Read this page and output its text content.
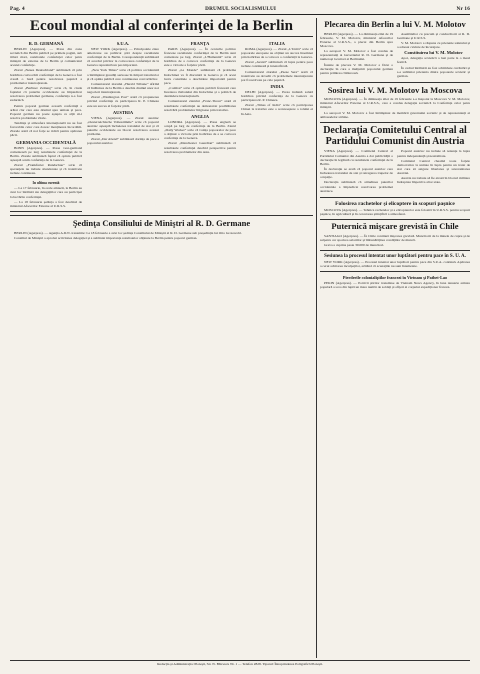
Pag. 4	DRUMUL SOCIALISMULUI	Nr 16
Ecoul mondial al conferinţei de la Berlin
R. D. GERMANĂ

BERLIN (Agerpres). — Presa din zona sovietică din Berlin publică pe primele pagini, sub titluri mari, rezultatele conferinţei celor patru miniştri de externe de la Berlin şi comunicatul acestei conferinţe.

Ziarul „Neues Deutschland” subliniază că prin hotărîrea convocării conferinţei de la Geneva a fost creată o bază pentru rezolvarea paşnică a problemelor internaţionale.

Ziarul „Berliner Zeitung” scrie că, în ciuda faptului că puterile occidentale au împiedicat rezolvarea problemei germane, conferinţa n-a fost zadarnică.

Pentru poporul german această conferinţă a arătat clar care este drumul spre unitate şi pace. Poporul german nu poate aştepta ca alţii să-i rezolve problemele vitale.

Tendinţa şi atmosfera internaţională nu au fost favorabile celor care doresc menţinerea încordării. Ziarele arată că noi forţe se ridică pentru apărarea păcii.

GERMANIA OCCIDENTALĂ

BONN (Agerpres). — Presa vest-germană comentează pe larg rezultatele conferinţei de la Berlin. Ziarele subliniază faptul că opinia publică aşteaptă acum conferinţa de la Geneva.

Ziarul „Frankfurter Rundschau” scrie că speranţele nu trebuie abandonate şi că tratativele trebuie continuate.

In ultima curentă

— La 17 februarie, în orele amiezii, la Berlin au avut loc întâlniri ale delegaţiilor care au participat la lucrările conferinţei.

— La 18 februarie şedinţa a fost deschisă de ministrul Afacerilor Externe al U.R.S.S.

S.U.A.

NEW YORK (Agerpres). — Principalele ziare americane au publicat ştiri despre rezultatele conferinţei de la Berlin. Corespondenţii subliniază că acordul privitor la convocarea conferinţei de la Geneva reprezintă un pas important.

„New York Times” scrie că politica occidentală a întâmpinat greutăţi serioase în timpul tratativelor şi că opinia publică cere continuarea convorbirilor.

Comentatorul ziarului „Herald Tribune” afirmă că întâlnirea de la Berlin a deschis drumul unor noi negocieri internaţionale.

Ziarul „Washington Post” arată că propunerea privind conferinţa cu participarea R. P. Chineze este un succes al forţelor păcii.

AUSTRIA

VIENA (Agerpres). — Ziarul austriac „Oesterreichische Volksstimme” scrie că poporul austriac aşteaptă încheierea tratatului de stat şi că puterile occidentale au blocat rezolvarea acestei probleme.

Ziarul „Der Abend” subliniază dorinţa de pace a poporului austriac.

FRANŢA

PARIS (Agerpres). — În cercurile politice franceze rezultatele conferinţei de la Berlin sunt comentate pe larg. Ziarul „L'Humanité” scrie că hotărîrea de a convoca conferinţa de la Geneva este o victorie a forţelor păcii.

Ziarul „Le Monde” subliniază că problema Indochinei va fi discutată la Geneva şi că acest lucru constituie o deschidere importantă pentru pace.

„Combat” scrie că opinia publică franceză cere încetarea războiului din Indochina şi o politică de destindere internaţională.

Comentatorul ziarului „Franc-Tireur” arată că rezultatele conferinţei au demonstrat posibilitatea rezolvării problemelor litigioase prin tratative.

ANGLIA

LONDRA (Agerpres). — Presa engleză se ocupă pe larg de conferinţa de la Berlin. Ziarul „Daily Worker” scrie că voinţa popoarelor de pace a obţinut o victorie prin hotărîrea de a se convoca conferinţa de la Geneva.

Ziarul „Manchester Guardian” subliniază că rezultatele conferinţei deschid perspective pentru rezolvarea problemelor din Asia.

ITALIA

ROMA (Agerpres). — Ziarul „L'Unità” scrie că popoarele europene au obţinut un succes însemnat prin hotărîrea de a convoca o conferinţă la Geneva.

Ziarul „Avanti” subliniază că lupta pentru pace trebuie continuată şi intensificată.

Comentatorul ziarului „Paese Sera” arată că tratativele au dovedit că problemele internaţionale pot fi rezolvate pe cale paşnică.

INDIA

DELHI (Agerpres). — Presa indiană salută hotărîrea privind conferinţa de la Geneva cu participarea R. P. Chineze.

Ziarul „Times of India” scrie că participarea Chinei la tratative este o recunoaştere a rolului ei în Asia.

Şedinţa Consiliului de Miniştri al R. D. Germane

BERLIN (Agerpres). — Agenţia A.D.N. transmite: La 18 februarie a avut loc şedinţa Consiliului de Miniştri al R. D. Germane sub preşedinţia lui Otto Grotewohl.

Consiliul de Miniştri a aprobat activitatea delegaţiei şi a subliniat importanţa rezultatelor obţinute la Berlin pentru poporul german.

Plecarea din Berlin a lui V. M. Molotov

BERLIN (Agerpres). — La dimineaţa zilei de 19 februarie, V. M. Molotov, ministrul Afacerilor Externe al U.R.S.S., a plecat din Berlin spre Moscova.

La aeroport V. M. Molotov a fost condus de reprezentanţi ai Guvernului R. D. Germane şi de numeroşi locuitori ai Berlinului.

Înainte de plecare V. M. Molotov a făcut o declaraţie în care a mulţumit poporului german pentru primirea călduroasă.

Asemănător cu precum şi conducătorii ai R. D. Germane şi U.R.S.S.

V. M. Molotov a răspuns cu prietenie salutului şi a adresat cuvinte de încurajare.

Constituirea lui V. M. Molotov

Apoi, delegaţia sovietică a luat parte la o masă festivă.

În cadrul întâlnirii au fost schimbate cuvântări şi s-a subliniat prietenia dintre popoarele sovietic şi german.

Sosirea lui V. M. Molotov la Moscova

MOSCOVA (Agerpres). — În dimineaţa zilei de 19 februarie s-a înapoiat la Moscova V. M. Molotov, ministrul Afacerilor Externe al U.R.S.S., care a condus delegaţia sovietică la Conferinţa celor patru miniştri.

La aeroport V. M. Molotov a fost întâmpinat de membrii guvernului sovietic şi de reprezentanţi ai ambasadelor străine.

Declaraţia Comitetului Central al Partidului Comunist din Austria

VIENA (Agerpres). — Comitetul Central al Partidului Comunist din Austria a dat publicităţii o declaraţie în legătură cu rezultatele conferinţei de la Berlin.

În declaraţie se arată că poporul austriac cere încheierea tratatului de stat şi retragerea trupelor de ocupaţie.

Declaraţia subliniază că atitudinea puterilor occidentale a împiedicat rezolvarea problemei austriece.

Poporul austriac nu trebuie să renunţe la lupta pentru independenţă şi neutralitate.

Comitetul Central cheamă toate forţele democratice la unitate în lupta pentru un tratat de stat care să asigure libertatea şi suveranitatea Austriei.

Austria nu trebuie să fie atrasă în blocuri militare îndreptate împotriva altor state.

Folosirea rachetelor şi elicoptere în scopuri paşnice

MOSCOVA (Agerpres). — Tehnica rachetelor şi a elicopterelor este folosită în U.R.S.S. pentru scopuri paşnice, în agricultură şi în cercetarea ştiinţifică a atmosferei.

Puternică mişcare grevistă în Chile

SANTIAGO (Agerpres). — În Chile continuă mişcarea grevistă. Muncitorii de la minele de cupru şi de salpetru cer sporirea salariilor şi îmbunătăţirea condiţiilor de muncă.

Greva a cuprins peste 30.000 de muncitori.

Sesiunea la procesul intentat unor luptători pentru pace în S. U. A.

NEW YORK (Agerpres). — Procesul intentat unor luptători pentru pace din S.U.A. continuă. Apărarea a cerut achitarea inculpaţilor, arătând că acuzaţiile nu sunt întemeiate.

Pierderile colonialiştilor francezi în Vietnam şi Pathet-Lao

PEKIN (Agerpres). — Potrivit ştirilor transmise de Vietnam News Agency, în luna ianuarie armata populară a scos din luptă un mare număr de soldaţi şi ofiţeri ai corpului expediţionar francez.

Redacţia şi Administraţia: Ploieşti, Str. N. Bălcescu Nr. 1 — Telefon 2828. Tiparul: Întreprinderea Poligrafică Ploieşti.
